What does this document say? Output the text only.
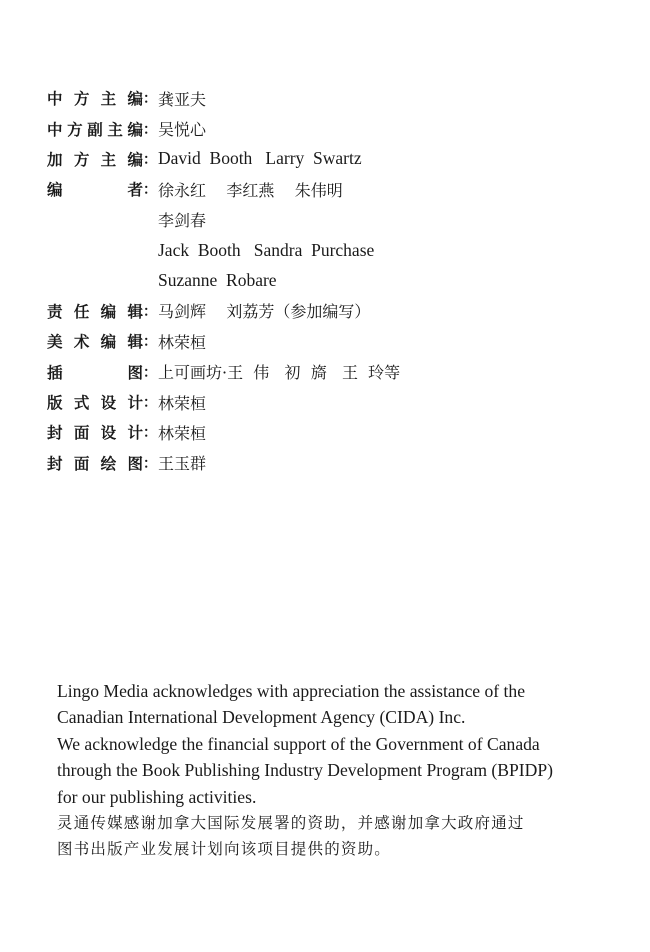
中方主编 ： 龚亚夫
中方副主编 ： 吴悦心
加方主编 ： David  Booth   Larry  Swartz
编者 ： 徐永红    李红燕    朱伟明
李剑春
Jack  Booth   Sandra  Purchase
Suzanne  Robare
责任编辑 ： 马剑辉    刘荔芳（参加编写）
美术编辑 ： 林荣桓
插图 ： 上可画坊·王  伟   初  旖   王  玲等
版式设计 ： 林荣桓
封面设计 ： 林荣桓
封面绘图 ： 王玉群
Lingo Media acknowledges with appreciation the assistance of the
Canadian International Development Agency (CIDA) Inc.
We acknowledge the financial support of the Government of Canada
through the Book Publishing Industry Development Program (BPIDP)
for our publishing activities.
灵通传媒感谢加拿大国际发展署的资助，并感谢加拿大政府通过
图书出版产业发展计划向该项目提供的资助。
